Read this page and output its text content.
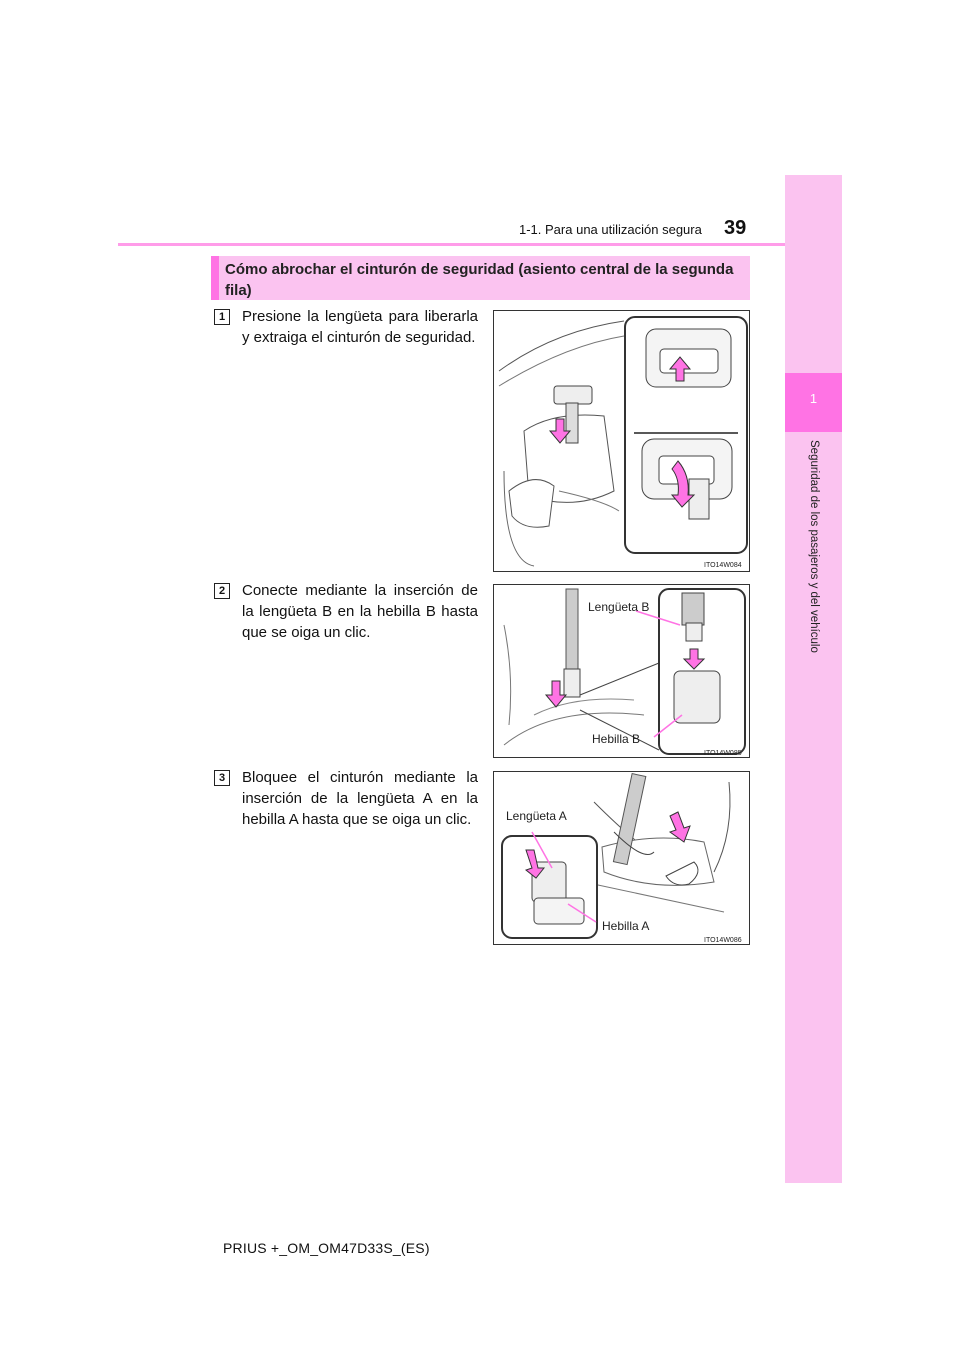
1
Seguridad de los pasajeros y del vehículo
1-1. Para una utilización segura 39
Cómo abrochar el cinturón de seguridad (asiento central de la segunda fila)
1	Presione la lengüeta para liberarla y extraiga el cinturón de seguridad.
ITO14W084
2	Conecte mediante la inserción de la lengüeta B en la hebilla B hasta que se oiga un clic.
Lengüeta B
Hebilla B
ITO14W085
3	Bloquee el cinturón mediante la inserción de la lengüeta A en la hebilla A hasta que se oiga un clic.	Lengüeta A
Hebilla A
ITO14W086
PRIUS +_OM_OM47D33S_(ES)
